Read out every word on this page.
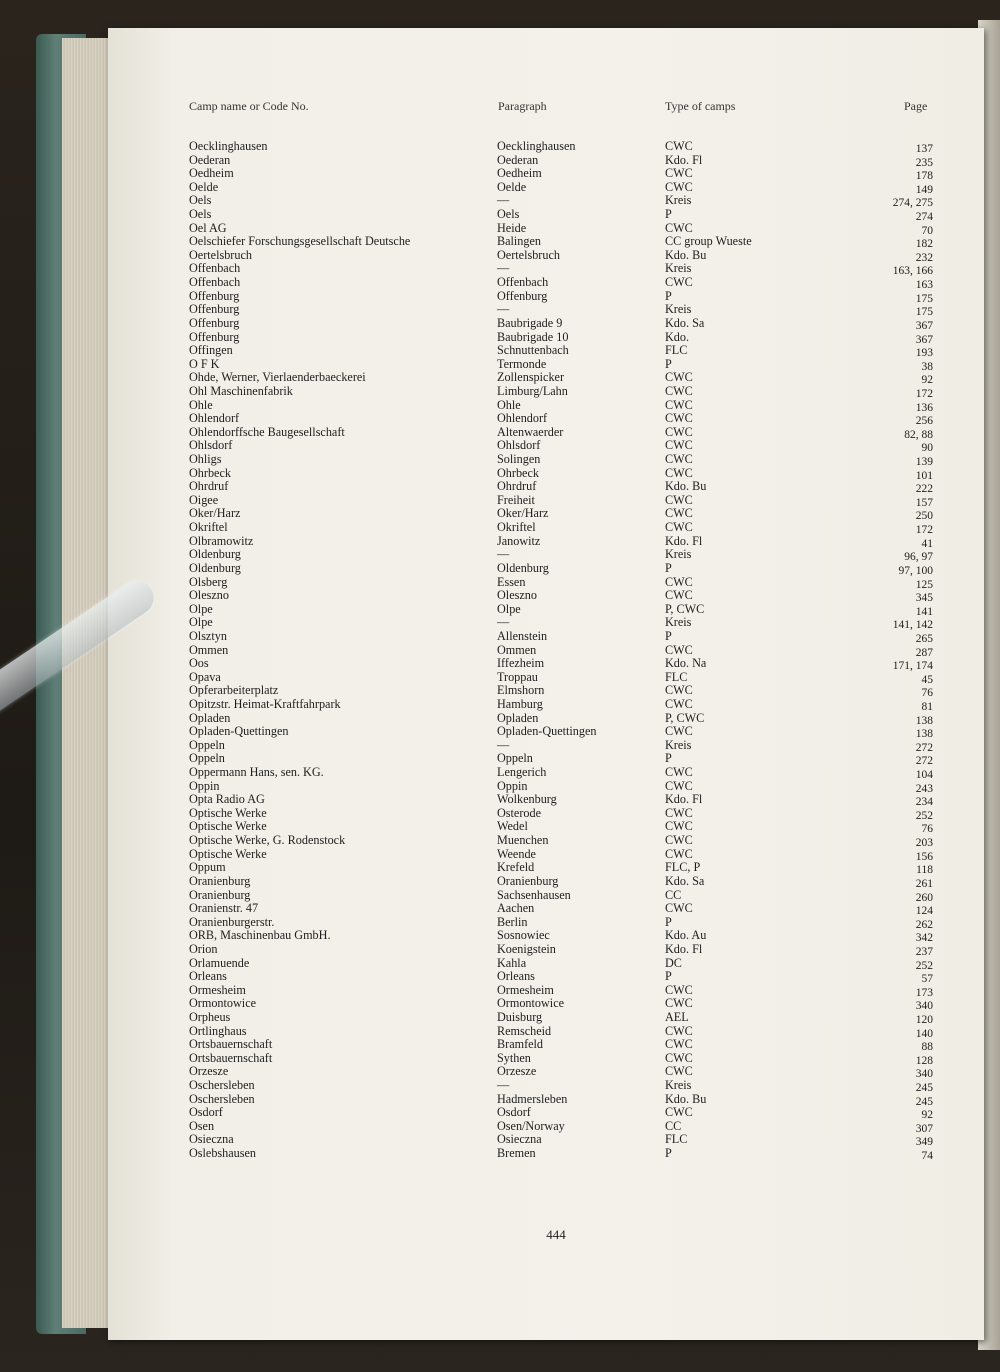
Camp name or Code No.	Paragraph	Type of camps	Page
Oecklinghausen	Oecklinghausen	CWC	137
Oederan	Oederan	Kdo. Fl	235
Oedheim	Oedheim	CWC	178
Oelde	Oelde	CWC	149
Oels	—	Kreis	274, 275
Oels	Oels	P	274
Oel AG	Heide	CWC	70
Oelschiefer Forschungsgesellschaft Deutsche	Balingen	CC group Wueste	182
Oertelsbruch	Oertelsbruch	Kdo. Bu	232
Offenbach	—	Kreis	163, 166
Offenbach	Offenbach	CWC	163
Offenburg	Offenburg	P	175
Offenburg	—	Kreis	175
Offenburg	Baubrigade 9	Kdo. Sa	367
Offenburg	Baubrigade 10	Kdo.	367
Offingen	Schnuttenbach	FLC	193
O F K	Termonde	P	38
Ohde, Werner, Vierlaenderbaeckerei	Zollenspicker	CWC	92
Ohl Maschinenfabrik	Limburg/Lahn	CWC	172
Ohle	Ohle	CWC	136
Ohlendorf	Ohlendorf	CWC	256
Ohlendorffsche Baugesellschaft	Altenwaerder	CWC	82, 88
Ohlsdorf	Ohlsdorf	CWC	90
Ohligs	Solingen	CWC	139
Ohrbeck	Ohrbeck	CWC	101
Ohrdruf	Ohrdruf	Kdo. Bu	222
Oigee	Freiheit	CWC	157
Oker/Harz	Oker/Harz	CWC	250
Okriftel	Okriftel	CWC	172
Olbramowitz	Janowitz	Kdo. Fl	41
Oldenburg	—	Kreis	96, 97
Oldenburg	Oldenburg	P	97, 100
Olsberg	Essen	CWC	125
Oleszno	Oleszno	CWC	345
Olpe	Olpe	P, CWC	141
Olpe	—	Kreis	141, 142
Olsztyn	Allenstein	P	265
Ommen	Ommen	CWC	287
Oos	Iffezheim	Kdo. Na	171, 174
Opava	Troppau	FLC	45
Opferarbeiterplatz	Elmshorn	CWC	76
Opitzstr. Heimat-Kraftfahrpark	Hamburg	CWC	81
Opladen	Opladen	P, CWC	138
Opladen-Quettingen	Opladen-Quettingen	CWC	138
Oppeln	—	Kreis	272
Oppeln	Oppeln	P	272
Oppermann Hans, sen. KG.	Lengerich	CWC	104
Oppin	Oppin	CWC	243
Opta Radio AG	Wolkenburg	Kdo. Fl	234
Optische Werke	Osterode	CWC	252
Optische Werke	Wedel	CWC	76
Optische Werke, G. Rodenstock	Muenchen	CWC	203
Optische Werke	Weende	CWC	156
Oppum	Krefeld	FLC, P	118
Oranienburg	Oranienburg	Kdo. Sa	261
Oranienburg	Sachsenhausen	CC	260
Oranienstr. 47	Aachen	CWC	124
Oranienburgerstr.	Berlin	P	262
ORB, Maschinenbau GmbH.	Sosnowiec	Kdo. Au	342
Orion	Koenigstein	Kdo. Fl	237
Orlamuende	Kahla	DC	252
Orleans	Orleans	P	57
Ormesheim	Ormesheim	CWC	173
Ormontowice	Ormontowice	CWC	340
Orpheus	Duisburg	AEL	120
Ortlinghaus	Remscheid	CWC	140
Ortsbauernschaft	Bramfeld	CWC	88
Ortsbauernschaft	Sythen	CWC	128
Orzesze	Orzesze	CWC	340
Oschersleben	—	Kreis	245
Oschersleben	Hadmersleben	Kdo. Bu	245
Osdorf	Osdorf	CWC	92
Osen	Osen/Norway	CC	307
Osieczna	Osieczna	FLC	349
Oslebshausen	Bremen	P	74
444
